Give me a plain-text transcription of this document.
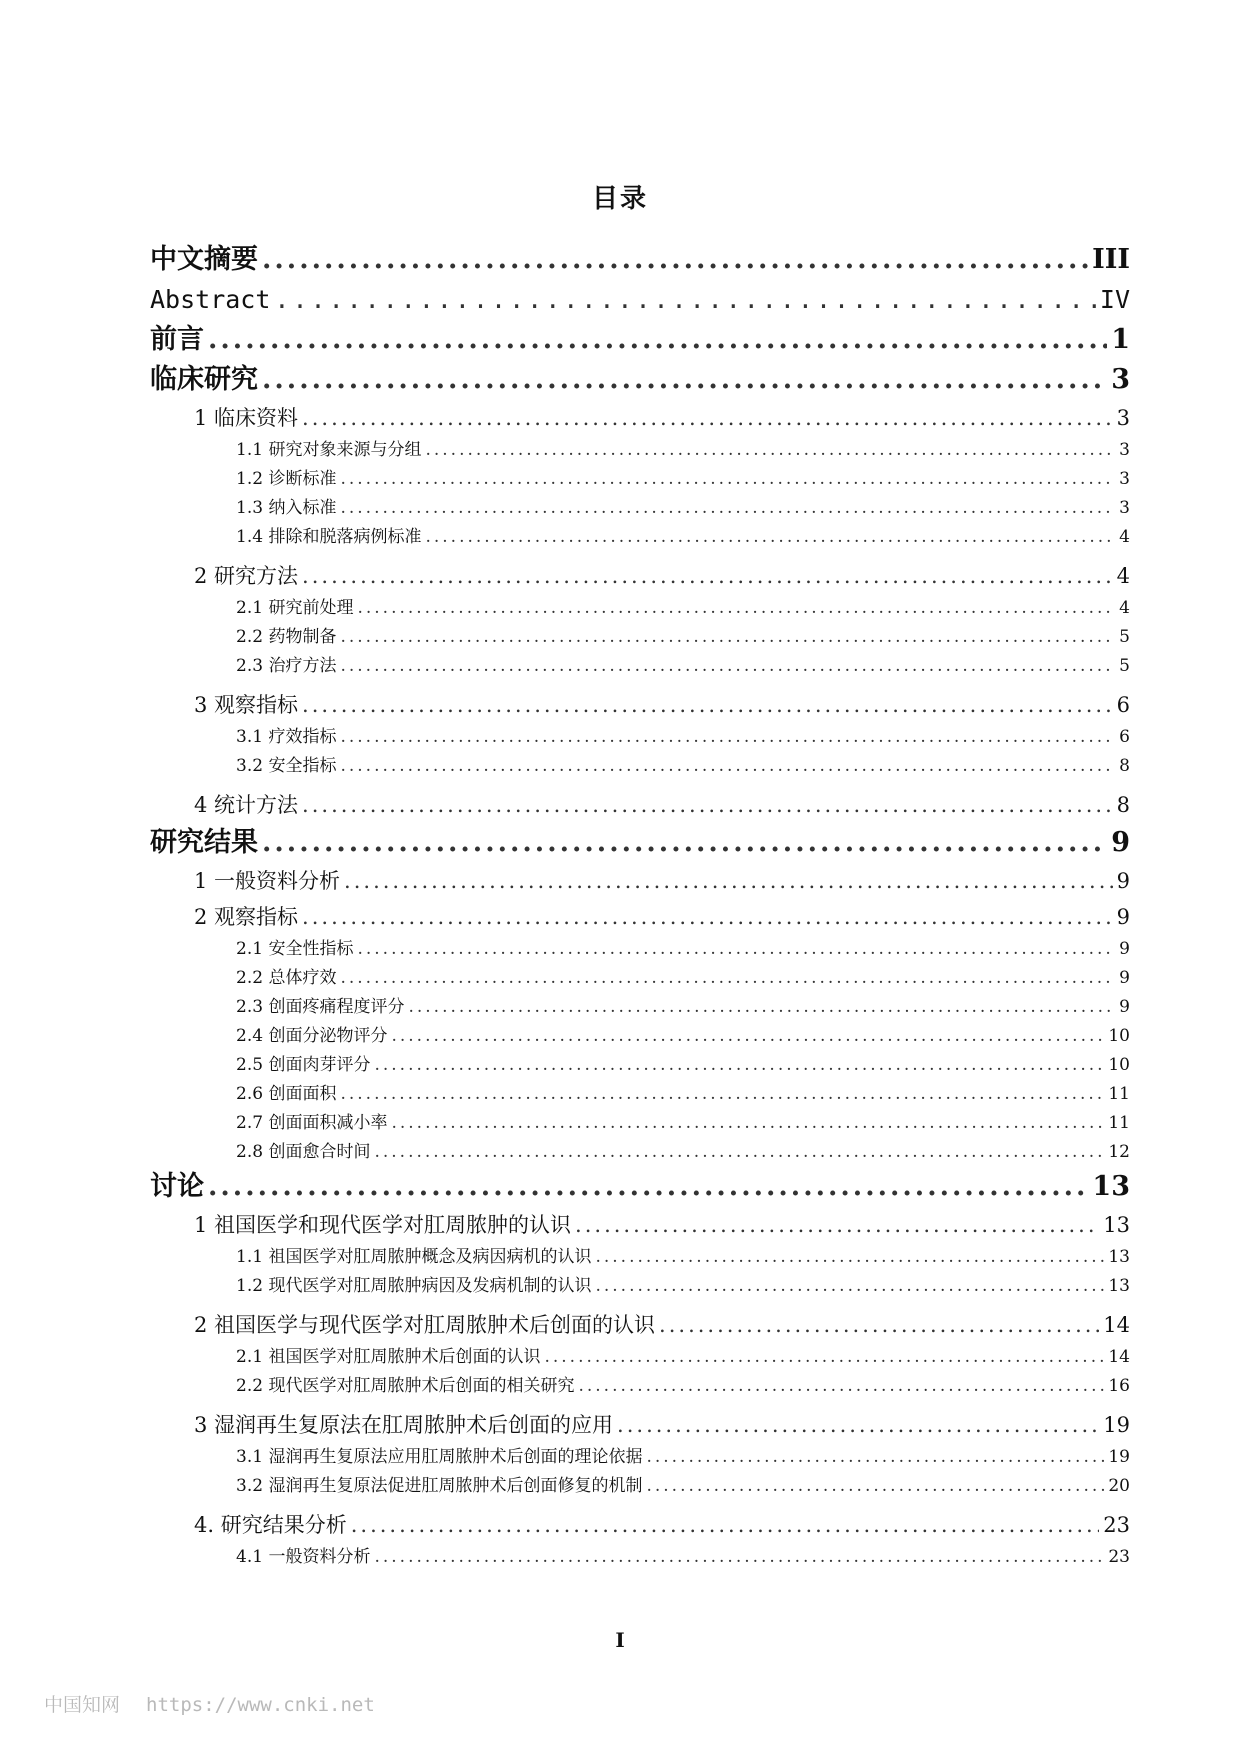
目录
中文摘要 .....	III
Abstract .....	IV
前言 .....	1
临床研究 .....	3
1 临床资料 .....	3
1.1 研究对象来源与分组 .....	3
1.2 诊断标准 .....	3
1.3 纳入标准 .....	3
1.4 排除和脱落病例标准 .....	4
2 研究方法 .....	4
2.1 研究前处理 .....	4
2.2 药物制备 .....	5
2.3 治疗方法 .....	5
3 观察指标 .....	6
3.1 疗效指标 .....	6
3.2 安全指标 .....	8
4 统计方法 .....	8
研究结果 .....	9
1 一般资料分析 .....	9
2 观察指标 .....	9
2.1 安全性指标 .....	9
2.2 总体疗效 .....	9
2.3 创面疼痛程度评分 .....	9
2.4 创面分泌物评分 .....	10
2.5 创面肉芽评分 .....	10
2.6 创面面积 .....	11
2.7 创面面积减小率 .....	11
2.8 创面愈合时间 .....	12
讨论 .....	13
1 祖国医学和现代医学对肛周脓肿的认识 .....	13
1.1 祖国医学对肛周脓肿概念及病因病机的认识 .....	13
1.2 现代医学对肛周脓肿病因及发病机制的认识 .....	13
2 祖国医学与现代医学对肛周脓肿术后创面的认识 .....	14
2.1 祖国医学对肛周脓肿术后创面的认识 .....	14
2.2 现代医学对肛周脓肿术后创面的相关研究 .....	16
3 湿润再生复原法在肛周脓肿术后创面的应用 .....	19
3.1 湿润再生复原法应用肛周脓肿术后创面的理论依据 .....	19
3.2 湿润再生复原法促进肛周脓肿术后创面修复的机制 .....	20
4. 研究结果分析 .....	23
4.1 一般资料分析 .....	23
I
中国知网 https://www.cnki.net
